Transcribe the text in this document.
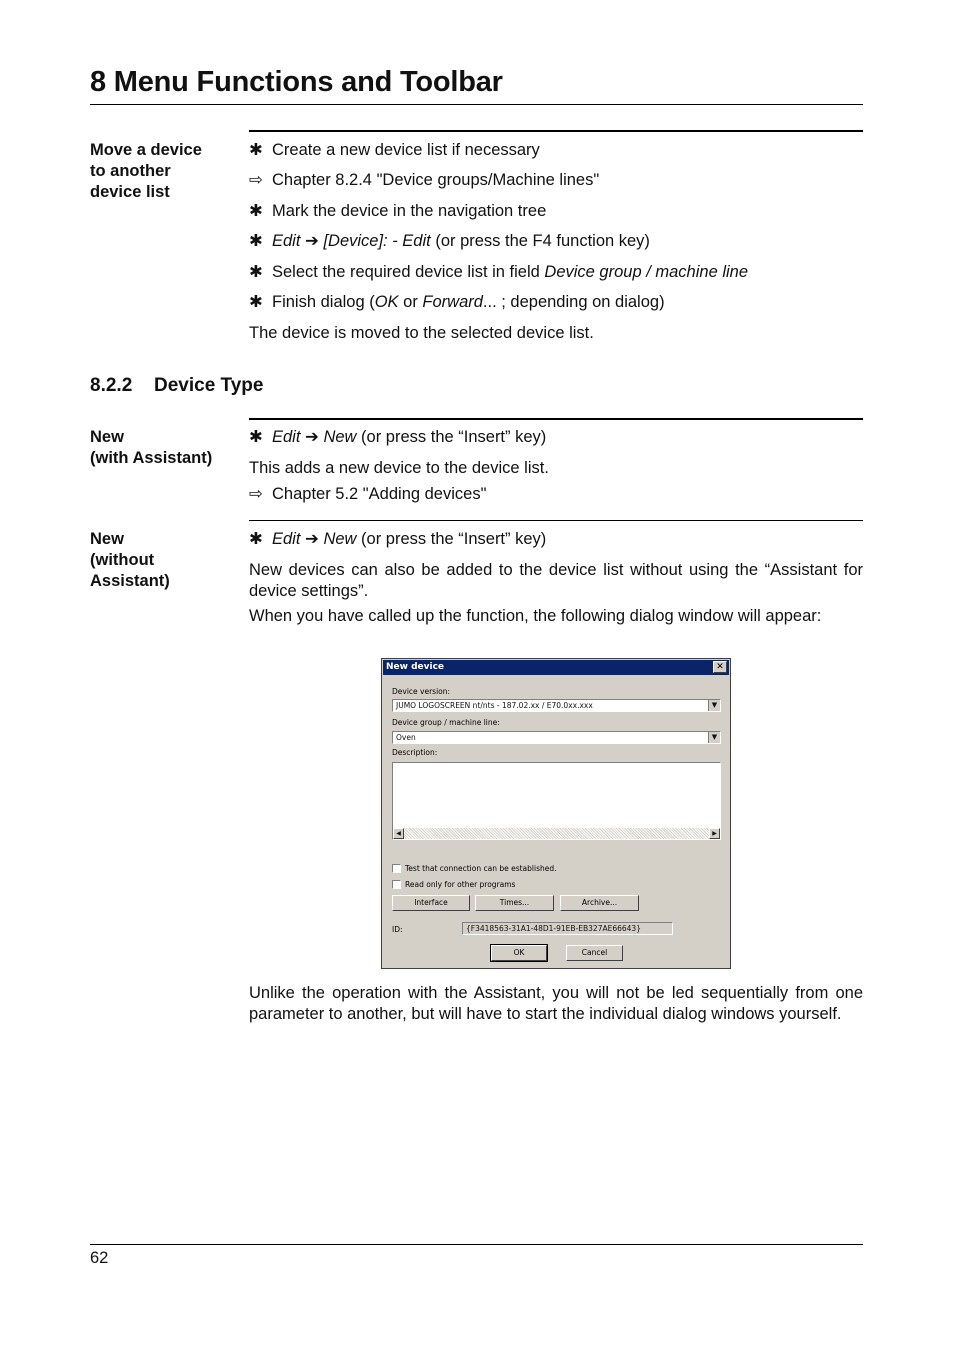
8 Menu Functions and Toolbar
Move a device
to another
device list
✱ Create a new device list if necessary
⇨ Chapter 8.2.4 "Device groups/Machine lines"
✱ Mark the device in the navigation tree
✱ Edit ➔ [Device]: - Edit (or press the F4 function key)
✱ Select the required device list in field Device group / machine line
✱ Finish dialog (OK or Forward... ; depending on dialog)
The device is moved to the selected device list.
8.2.2 Device Type
New
(with Assistant)
✱ Edit ➔ New (or press the “Insert” key)
This adds a new device to the device list.
⇨ Chapter 5.2 "Adding devices"
New
(without
Assistant)
✱ Edit ➔ New (or press the “Insert” key)
New devices can also be added to the device list without using the “Assistant for device settings”.
When you have called up the function, the following dialog window will appear:
New device	✕
Device version:
JUMO LOGOSCREEN nt/nts - 187.02.xx / E70.0xx.xxx	▼
Device group / machine line:
Oven	▼
Description:
◀	▶
Test that connection can be established.
Read only for other programs
Interface	Times...	Archive...
ID:	{F3418563-31A1-48D1-91EB-EB327AE66643}
OK	Cancel
Unlike the operation with the Assistant, you will not be led sequentially from one parameter to another, but will have to start the individual dialog windows yourself.
62
